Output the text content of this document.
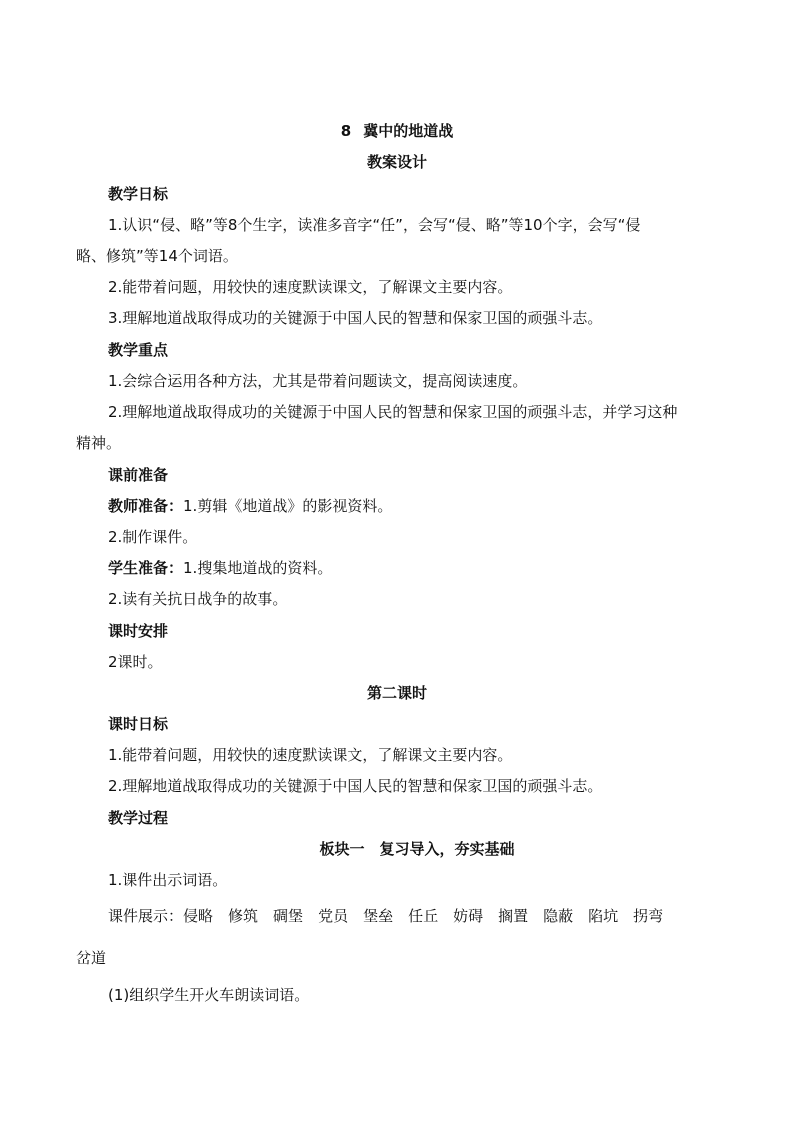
8 冀中的地道战
教案设计
教学日标
1.认识“侵、略”等8个生字，读准多音字“任”，会写“侵、略”等10个字，会写“侵
略、修筑”等14个词语。
2.能带着问题，用较快的速度默读课文，了解课文主要内容。
3.理解地道战取得成功的关键源于中国人民的智慧和保家卫国的顽强斗志。
教学重点
1.会综合运用各种方法，尤其是带着问题读文，提高阅读速度。
2.理解地道战取得成功的关键源于中国人民的智慧和保家卫国的顽强斗志，并学习这种
精神。
课前准备
教师准备：1.剪辑《地道战》的影视资料。
2.制作课件。
学生准备：1.搜集地道战的资料。
2.读有关抗日战争的故事。
课时安排
2课时。
第二课时
课时日标
1.能带着问题，用较快的速度默读课文，了解课文主要内容。
2.理解地道战取得成功的关键源于中国人民的智慧和保家卫国的顽强斗志。
教学过程
板块一　复习导入，夯实基础
1.课件出示词语。
课件展示：侵略 修筑 碉堡 党员 堡垒 任丘 妨碍 搁置 隐蔽 陷坑 拐弯
岔道
(1)组织学生开火车朗读词语。
